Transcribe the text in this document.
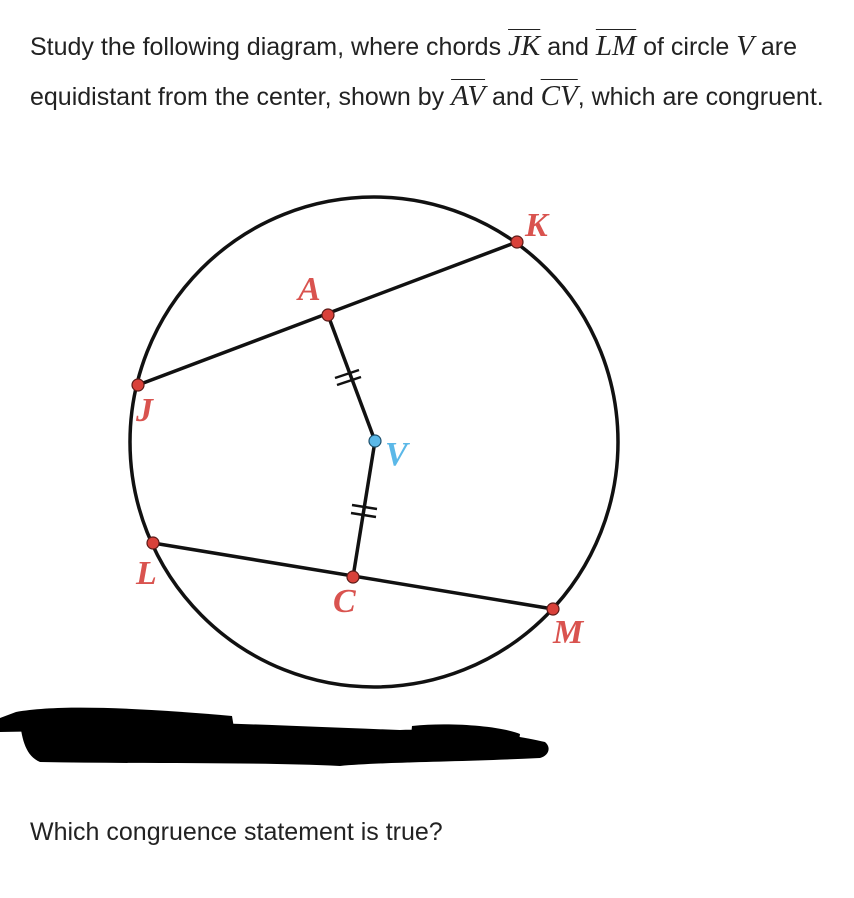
Study the following diagram, where chords $\overline{JK}$ and $\overline{LM}$ of circle V are equidistant from the center, shown by $\overline{AV}$ and $\overline{CV}$, which are congruent.
K
A
J
V
L
C
M
Which congruence statement is true?
